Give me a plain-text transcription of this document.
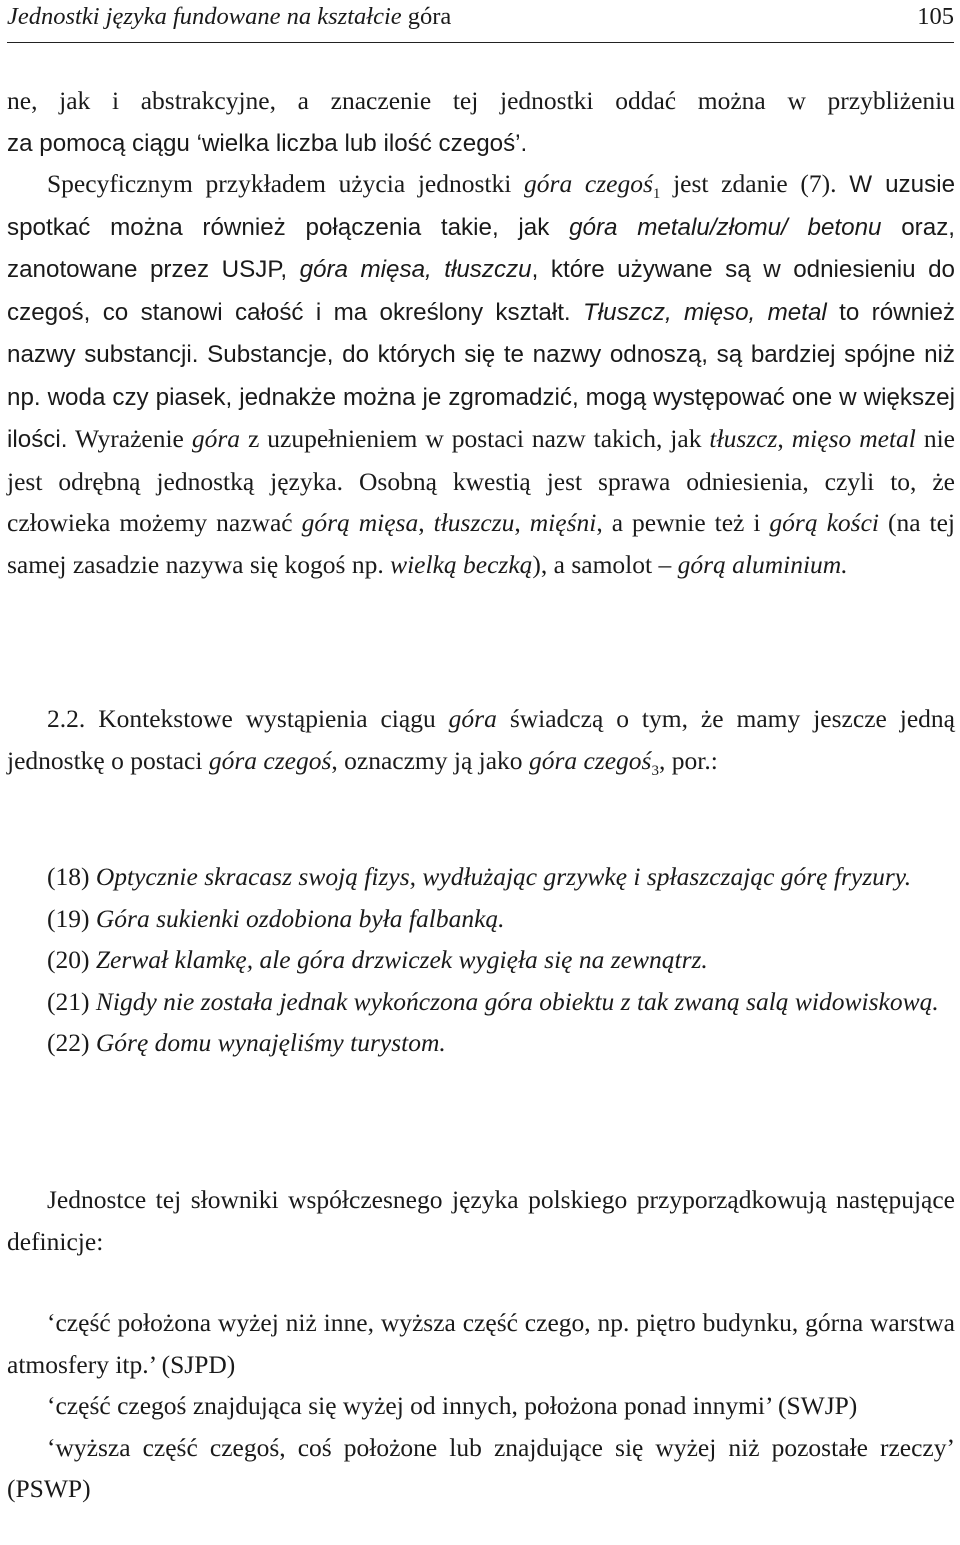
Jednostki języka fundowane na kształcie góra	105

ne, jak i abstrakcyjne, a znaczenie tej jednostki oddać można w przybliżeniu

za pomocą ciągu ‘wielka liczba lub ilość czegoś’.

Specyficznym przykładem użycia jednostki góra czegoś$_1$ jest zdanie (7). W uzusie spotkać można również połączenia takie, jak góra metalu/złomu/ betonu oraz, zanotowane przez USJP, góra mięsa, tłuszczu, które używane są w odniesieniu do czegoś, co stanowi całość i ma określony kształt. Tłuszcz, mięso, metal to również nazwy substancji. Substancje, do których się te nazwy odnoszą, są bardziej spójne niż np. woda czy piasek, jednakże można je zgromadzić, mogą występować one w większej ilości. Wyrażenie góra z uzupełnieniem w postaci nazw takich, jak tłuszcz, mięso metal nie jest odrębną jednostką języka. Osobną kwestią jest sprawa odniesienia, czyli to, że człowieka możemy nazwać górą mięsa, tłuszczu, mięśni, a pewnie też i górą kości (na tej samej zasadzie nazywa się kogoś np. wielką beczką), a samolot – górą aluminium.

2.2. Kontekstowe wystąpienia ciągu góra świadczą o tym, że mamy jeszcze jedną jednostkę o postaci góra czegoś, oznaczmy ją jako góra czegoś$_3$, por.:

(18) Optycznie skracasz swoją fizys, wydłużając grzywkę i spłaszczając górę fryzury.

(19) Góra sukienki ozdobiona była falbanką.

(20) Zerwał klamkę, ale góra drzwiczek wygięła się na zewnątrz.

(21) Nigdy nie została jednak wykończona góra obiektu z tak zwaną salą widowiskową.

(22) Górę domu wynajęliśmy turystom.

Jednostce tej słowniki współczesnego języka polskiego przyporządkowują następujące definicje:

‘część położona wyżej niż inne, wyższa część czego, np. piętro budynku, górna warstwa atmosfery itp.’ (SJPD)

‘część czegoś znajdująca się wyżej od innych, położona ponad innymi’ (SWJP)

‘wyższa część czegoś, coś położone lub znajdujące się wyżej niż pozostałe rzeczy’ (PSWP)
